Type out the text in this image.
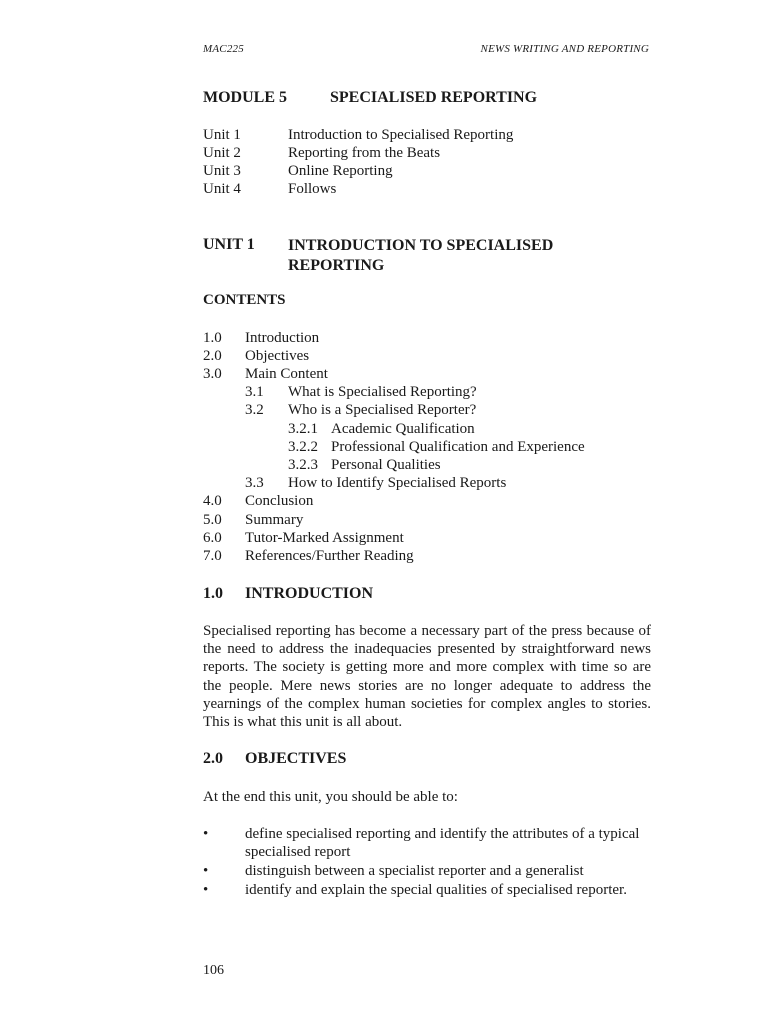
MAC225	NEWS WRITING AND REPORTING
MODULE 5	SPECIALISED REPORTING
Unit 1	Introduction to Specialised Reporting
Unit 2	Reporting from the Beats
Unit 3	Online Reporting
Unit 4	Follows
UNIT 1 INTRODUCTION TO SPECIALISED
REPORTING
CONTENTS
1.0 Introduction
2.0 Objectives
3.0 Main Content
3.1 What is Specialised Reporting?
3.2 Who is a Specialised Reporter?
3.2.1 Academic Qualification
3.2.2 Professional Qualification and Experience
3.2.3 Personal Qualities
3.3 How to Identify Specialised Reports
4.0 Conclusion
5.0 Summary
6.0 Tutor-Marked Assignment
7.0 References/Further Reading
1.0 INTRODUCTION
Specialised reporting has become a necessary part of the press because of the need to address the inadequacies presented by straightforward news reports. The society is getting more and more complex with time so are the people. Mere news stories are no longer adequate to address the yearnings of the complex human societies for complex angles to stories. This is what this unit is all about.
2.0 OBJECTIVES
At the end this unit, you should be able to:
• define specialised reporting and identify the attributes of a typical specialised report
• distinguish between a specialist reporter and a generalist
• identify and explain the special qualities of specialised reporter.
106
